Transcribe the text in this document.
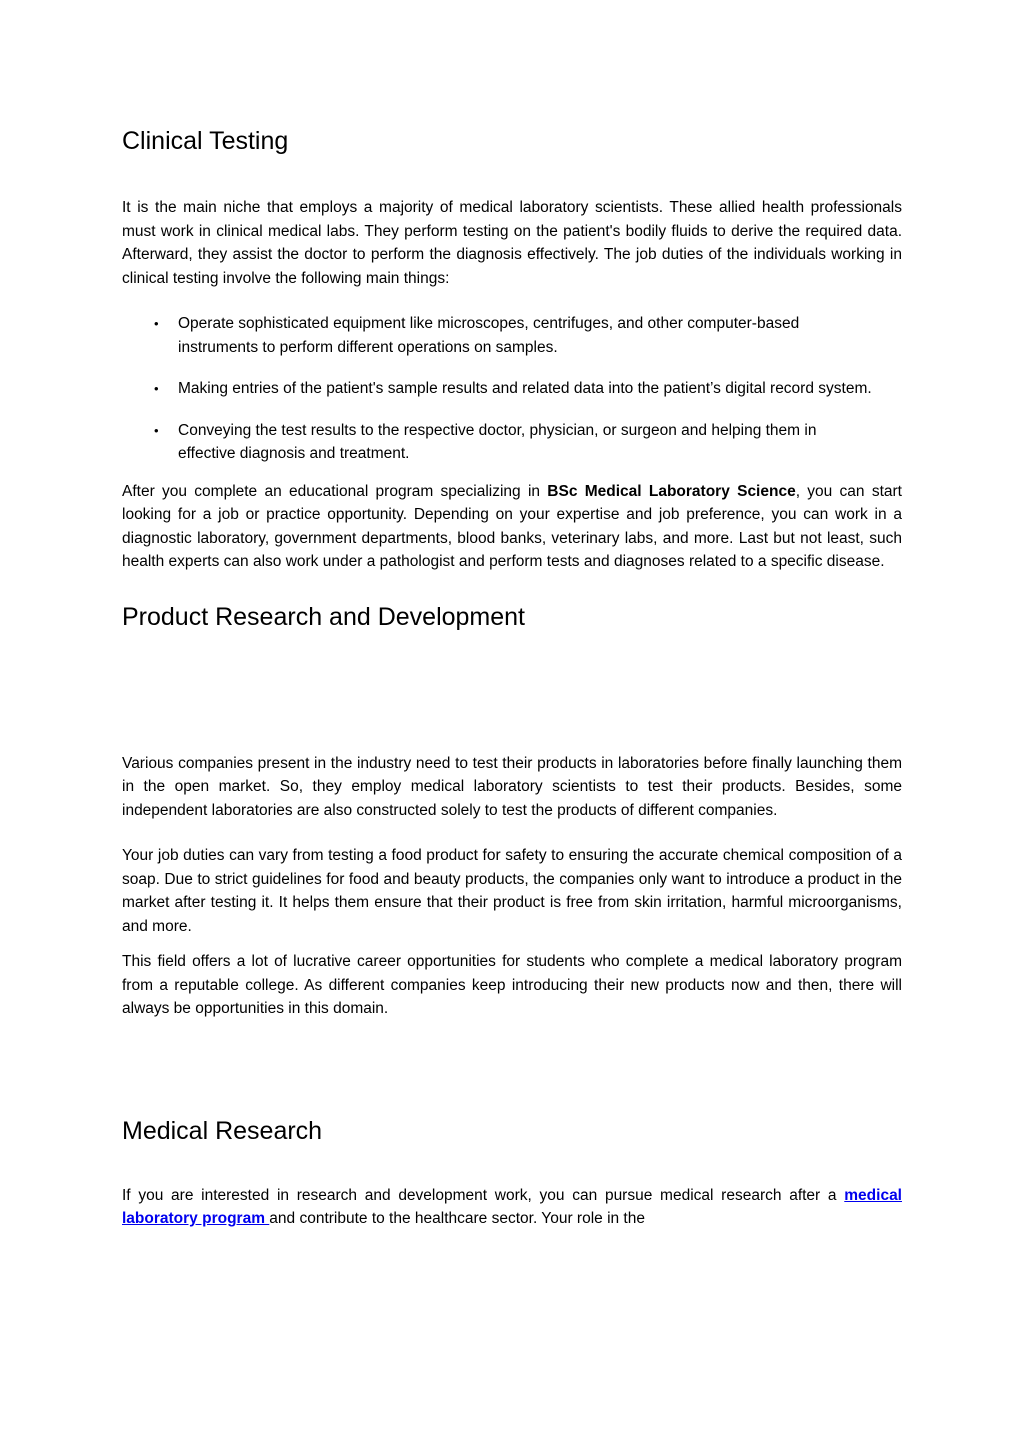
Clinical Testing

It is the main niche that employs a majority of medical laboratory scientists. These allied health professionals must work in clinical medical labs. They perform testing on the patient's bodily fluids to derive the required data. Afterward, they assist the doctor to perform the diagnosis effectively. The job duties of the individuals working in clinical testing involve the following main things:

•	Operate sophisticated equipment like microscopes, centrifuges, and other computer-based instruments to perform different operations on samples.
•	Making entries of the patient's sample results and related data into the patient’s digital record system.
•	Conveying the test results to the respective doctor, physician, or surgeon and helping them in effective diagnosis and treatment.

After you complete an educational program specializing in BSc Medical Laboratory Science, you can start looking for a job or practice opportunity. Depending on your expertise and job preference, you can work in a diagnostic laboratory, government departments, blood banks, veterinary labs, and more. Last but not least, such health experts can also work under a pathologist and perform tests and diagnoses related to a specific disease.

Product Research and Development

Various companies present in the industry need to test their products in laboratories before finally launching them in the open market. So, they employ medical laboratory scientists to test their products. Besides, some independent laboratories are also constructed solely to test the products of different companies.

Your job duties can vary from testing a food product for safety to ensuring the accurate chemical composition of a soap. Due to strict guidelines for food and beauty products, the companies only want to introduce a product in the market after testing it. It helps them ensure that their product is free from skin irritation, harmful microorganisms, and more.

This field offers a lot of lucrative career opportunities for students who complete a medical laboratory program from a reputable college. As different companies keep introducing their new products now and then, there will always be opportunities in this domain.

Medical Research

If you are interested in research and development work, you can pursue medical research after a medical laboratory program and contribute to the healthcare sector. Your role in the
